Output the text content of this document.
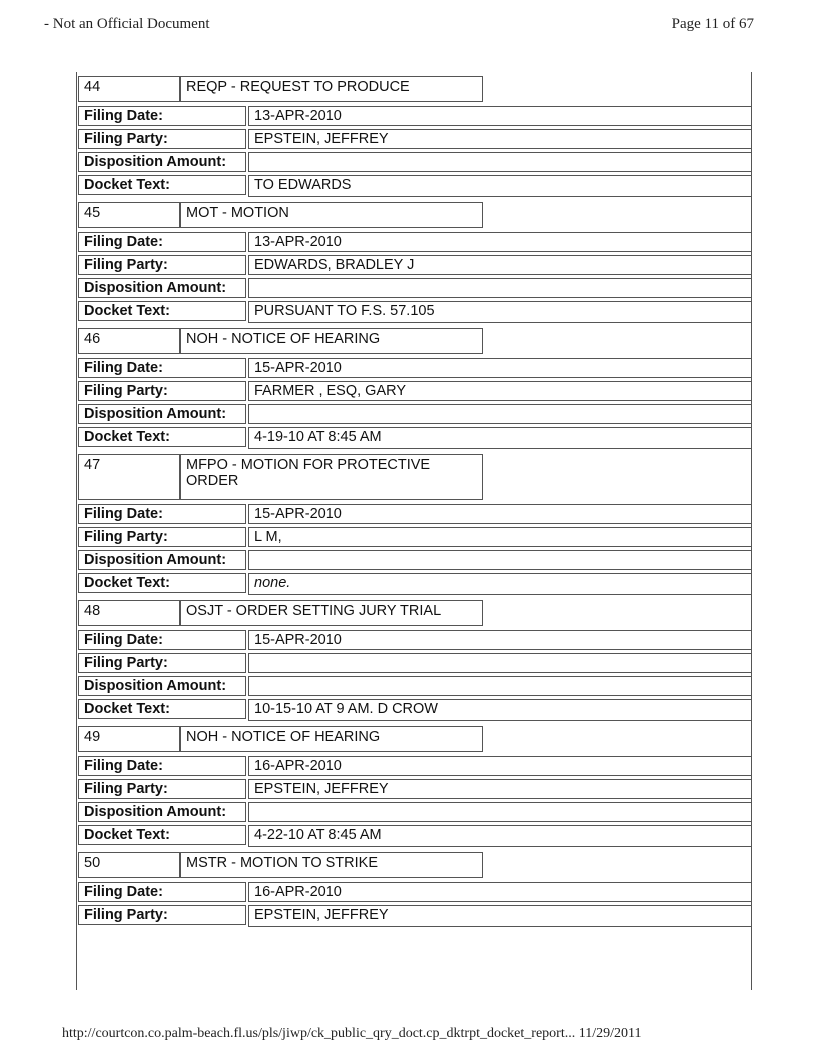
- Not an Official Document	Page 11 of 67
44	REQP - REQUEST TO PRODUCE
Filing Date:	13-APR-2010
Filing Party:	EPSTEIN, JEFFREY
Disposition Amount:
Docket Text:	TO EDWARDS
45	MOT - MOTION
Filing Date:	13-APR-2010
Filing Party:	EDWARDS, BRADLEY J
Disposition Amount:
Docket Text:	PURSUANT TO F.S. 57.105
46	NOH - NOTICE OF HEARING
Filing Date:	15-APR-2010
Filing Party:	FARMER , ESQ, GARY
Disposition Amount:
Docket Text:	4-19-10 AT 8:45 AM
47	MFPO - MOTION FOR PROTECTIVE ORDER
Filing Date:	15-APR-2010
Filing Party:	L M,
Disposition Amount:
Docket Text:	none.
48	OSJT - ORDER SETTING JURY TRIAL
Filing Date:	15-APR-2010
Filing Party:
Disposition Amount:
Docket Text:	10-15-10 AT 9 AM. D CROW
49	NOH - NOTICE OF HEARING
Filing Date:	16-APR-2010
Filing Party:	EPSTEIN, JEFFREY
Disposition Amount:
Docket Text:	4-22-10 AT 8:45 AM
50	MSTR - MOTION TO STRIKE
Filing Date:	16-APR-2010
Filing Party:	EPSTEIN, JEFFREY
http://courtcon.co.palm-beach.fl.us/pls/jiwp/ck_public_qry_doct.cp_dktrpt_docket_report... 11/29/2011
